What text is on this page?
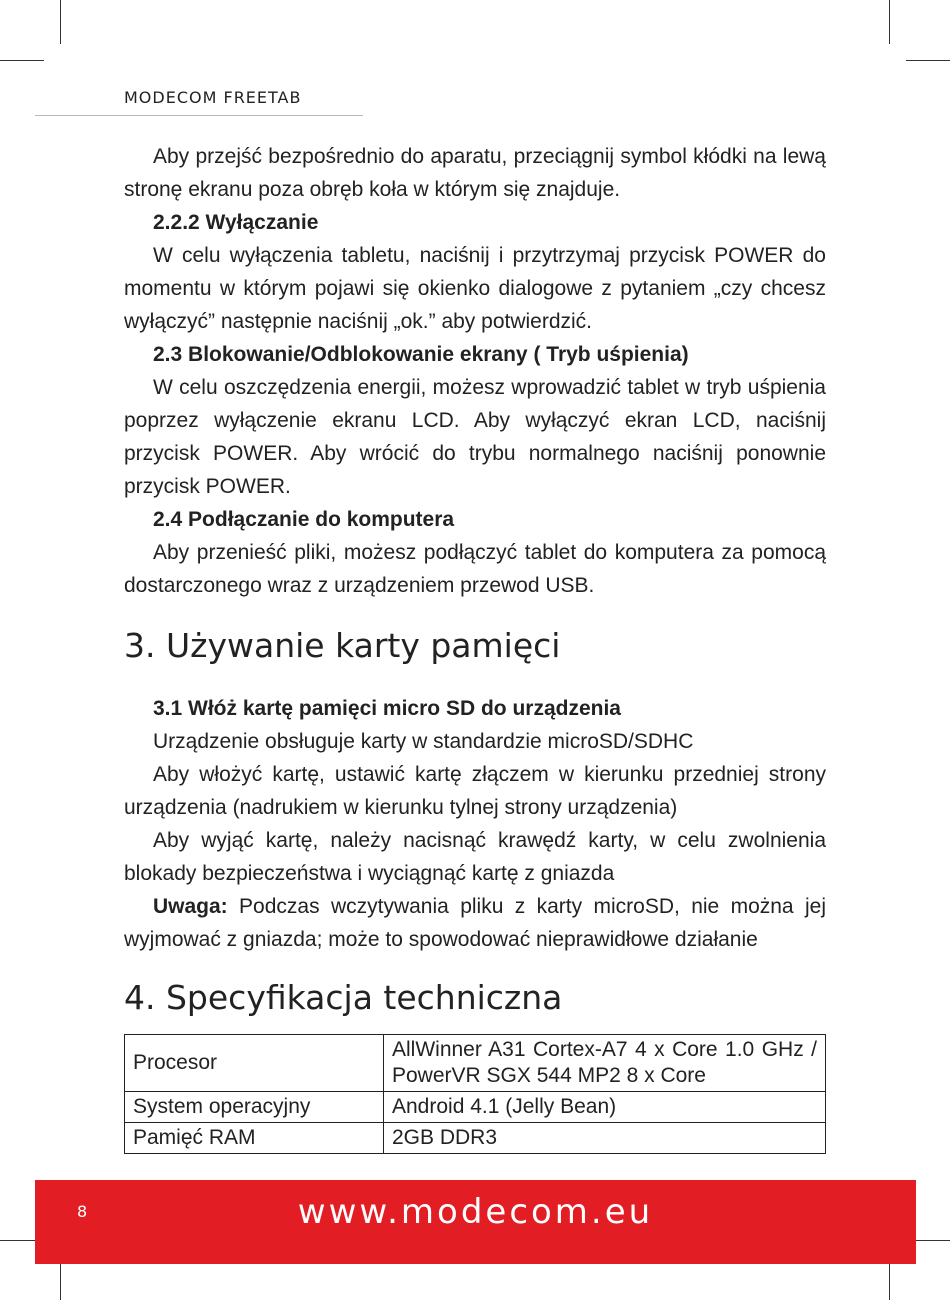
MODECOM FREETAB

Aby przejść bezpośrednio do aparatu, przeciągnij symbol kłódki na lewą stronę ekranu poza obręb koła w którym się znajduje.

2.2.2 Wyłączanie

W celu wyłączenia tabletu, naciśnij i przytrzymaj przycisk POWER do momentu w którym pojawi się okienko dialogowe z pytaniem „czy chcesz wyłączyć” następnie naciśnij „ok.” aby potwierdzić.

2.3 Blokowanie/Odblokowanie ekrany ( Tryb uśpienia)

W celu oszczędzenia energii, możesz wprowadzić tablet w tryb uśpienia poprzez wyłączenie ekranu LCD. Aby wyłączyć ekran LCD, naciśnij przycisk POWER. Aby wrócić do trybu normalnego naciśnij ponownie przycisk POWER.

2.4 Podłączanie do komputera

Aby przenieść pliki, możesz podłączyć tablet do komputera za pomocą dostarczonego wraz z urządzeniem przewod USB.

3. Używanie karty pamięci

3.1 Włóż kartę pamięci micro SD do urządzenia

Urządzenie obsługuje karty w standardzie microSD/SDHC

Aby włożyć kartę, ustawić kartę złączem w kierunku przedniej strony urządzenia (nadrukiem w kierunku tylnej strony urządzenia)

Aby wyjąć kartę, należy nacisnąć krawędź karty, w celu zwolnienia blokady bezpieczeństwa i wyciągnąć kartę z gniazda

Uwaga: Podczas wczytywania pliku z karty microSD, nie można jej wyjmować z gniazda; może to spowodować nieprawidłowe działanie

4. Specyfikacja techniczna
Procesor	AllWinner A31 Cortex-A7 4 x Core 1.0 GHz / PowerVR SGX 544 MP2 8 x Core
System operacyjny	Android 4.1 (Jelly Bean)
Pamięć RAM	2GB DDR3
8	www.modecom.eu
